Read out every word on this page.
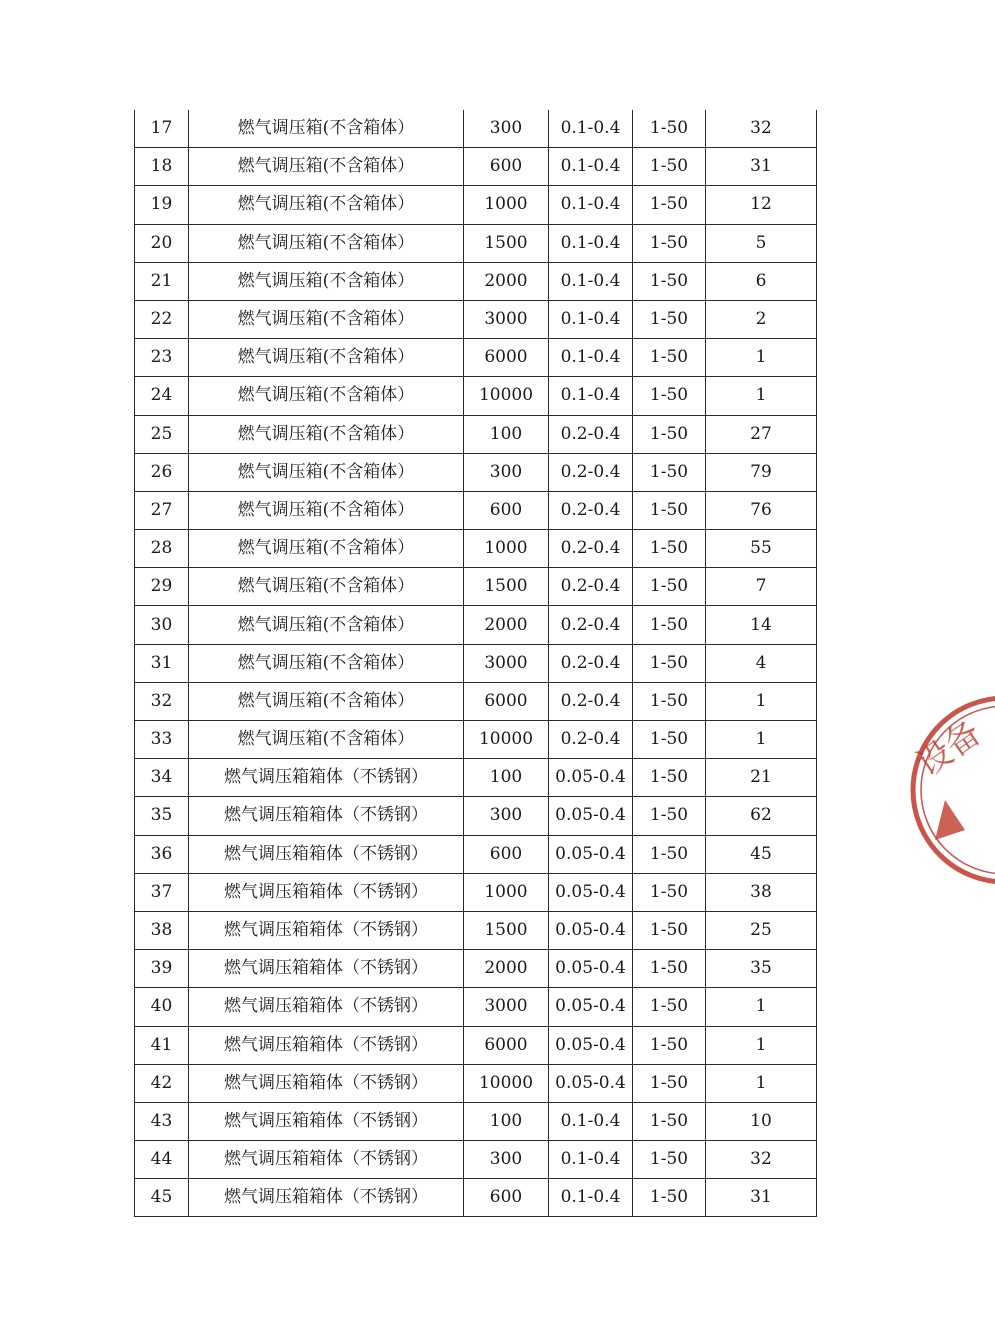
17	燃气调压箱(不含箱体）	300	0.1-0.4	1-50	32
18	燃气调压箱(不含箱体）	600	0.1-0.4	1-50	31
19	燃气调压箱(不含箱体）	1000	0.1-0.4	1-50	12
20	燃气调压箱(不含箱体）	1500	0.1-0.4	1-50	5
21	燃气调压箱(不含箱体）	2000	0.1-0.4	1-50	6
22	燃气调压箱(不含箱体）	3000	0.1-0.4	1-50	2
23	燃气调压箱(不含箱体）	6000	0.1-0.4	1-50	1
24	燃气调压箱(不含箱体）	10000	0.1-0.4	1-50	1
25	燃气调压箱(不含箱体）	100	0.2-0.4	1-50	27
26	燃气调压箱(不含箱体）	300	0.2-0.4	1-50	79
27	燃气调压箱(不含箱体）	600	0.2-0.4	1-50	76
28	燃气调压箱(不含箱体）	1000	0.2-0.4	1-50	55
29	燃气调压箱(不含箱体）	1500	0.2-0.4	1-50	7
30	燃气调压箱(不含箱体）	2000	0.2-0.4	1-50	14
31	燃气调压箱(不含箱体）	3000	0.2-0.4	1-50	4
32	燃气调压箱(不含箱体）	6000	0.2-0.4	1-50	1
33	燃气调压箱(不含箱体）	10000	0.2-0.4	1-50	1
34	燃气调压箱箱体（不锈钢）	100	0.05-0.4	1-50	21
35	燃气调压箱箱体（不锈钢）	300	0.05-0.4	1-50	62
36	燃气调压箱箱体（不锈钢）	600	0.05-0.4	1-50	45
37	燃气调压箱箱体（不锈钢）	1000	0.05-0.4	1-50	38
38	燃气调压箱箱体（不锈钢）	1500	0.05-0.4	1-50	25
39	燃气调压箱箱体（不锈钢）	2000	0.05-0.4	1-50	35
40	燃气调压箱箱体（不锈钢）	3000	0.05-0.4	1-50	1
41	燃气调压箱箱体（不锈钢）	6000	0.05-0.4	1-50	1
42	燃气调压箱箱体（不锈钢）	10000	0.05-0.4	1-50	1
43	燃气调压箱箱体（不锈钢）	100	0.1-0.4	1-50	10
44	燃气调压箱箱体（不锈钢）	300	0.1-0.4	1-50	32
45	燃气调压箱箱体（不锈钢）	600	0.1-0.4	1-50	31
设备
